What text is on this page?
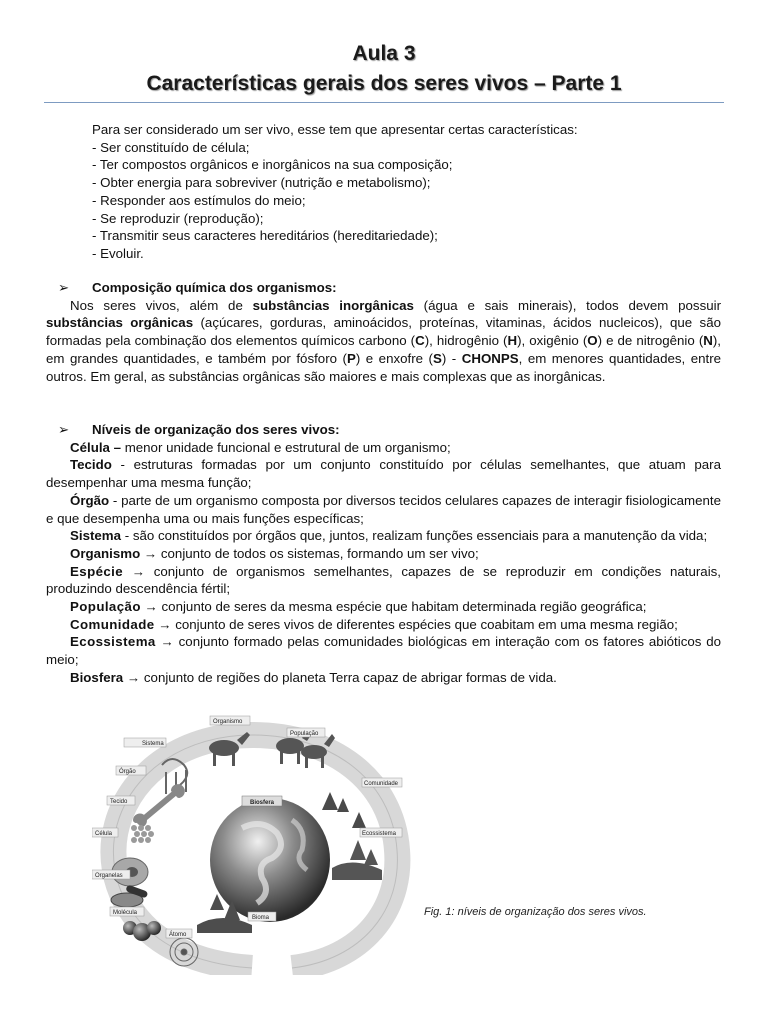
Aula 3
Características gerais dos seres vivos – Parte 1
Para ser considerado um ser vivo, esse tem que apresentar certas características:
- Ser constituído de célula;
- Ter compostos orgânicos e inorgânicos na sua composição;
- Obter energia para sobreviver (nutrição e metabolismo);
- Responder aos estímulos do meio;
- Se reproduzir (reprodução);
- Transmitir seus caracteres hereditários (hereditariedade);
- Evoluir.
➢ Composição química dos organismos:
Nos seres vivos, além de substâncias inorgânicas (água e sais minerais), todos devem possuir substâncias orgânicas (açúcares, gorduras, aminoácidos, proteínas, vitaminas, ácidos nucleicos), que são formadas pela combinação dos elementos químicos carbono (C), hidrogênio (H), oxigênio (O) e de nitrogênio (N), em grandes quantidades, e também por fósforo (P) e enxofre (S) - CHONPS, em menores quantidades, entre outros. Em geral, as substâncias orgânicas são maiores e mais complexas que as inorgânicas.
➢ Níveis de organização dos seres vivos:
Célula – menor unidade funcional e estrutural de um organismo;
Tecido - estruturas formadas por um conjunto constituído por células semelhantes, que atuam para desempenhar uma mesma função;
Órgão - parte de um organismo composta por diversos tecidos celulares capazes de interagir fisiologicamente e que desempenha uma ou mais funções específicas;
Sistema - são constituídos por órgãos que, juntos, realizam funções essenciais para a manutenção da vida;
Organismo → conjunto de todos os sistemas, formando um ser vivo;
Espécie → conjunto de organismos semelhantes, capazes de se reproduzir em condições naturais, produzindo descendência fértil;
População → conjunto de seres da mesma espécie que habitam determinada região geográfica;
Comunidade → conjunto de seres vivos de diferentes espécies que coabitam em uma mesma região;
Ecossistema → conjunto formado pelas comunidades biológicas em interação com os fatores abióticos do meio;
Biosfera → conjunto de regiões do planeta Terra capaz de abrigar formas de vida.
Organismo
População
Sistema
Órgão
Comunidade
Tecido	Biosfera
Célula	Ecossistema
Organelas
Molécula
Bioma
Átomo
Fig. 1: níveis de organização dos seres vivos.
